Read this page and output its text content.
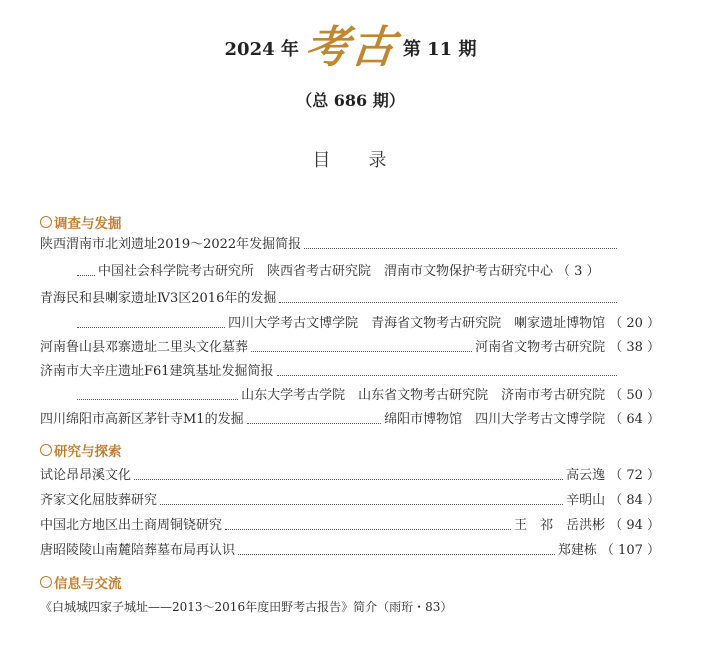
2024 年 考古 第 11 期
（总 686 期）
目 录
调查与发掘
陕西渭南市北刘遗址2019～2022年发掘简报
中国社会科学院考古研究所　陕西省考古研究院　渭南市文物保护考古研究中心 （ 3 ）
青海民和县喇家遗址Ⅳ3区2016年的发掘
四川大学考古文博学院　青海省文物考古研究院　喇家遗址博物馆 （ 20 ）
河南鲁山县邓寨遗址二里头文化墓葬	河南省文物考古研究院 （ 38 ）
济南市大辛庄遗址F61建筑基址发掘简报
山东大学考古学院　山东省文物考古研究院　济南市考古研究院 （ 50 ）
四川绵阳市高新区茅针寺M1的发掘	绵阳市博物馆　四川大学考古文博学院 （ 64 ）
研究与探索
试论昂昂溪文化	高云逸 （ 72 ）
齐家文化屈肢葬研究	辛明山 （ 84 ）
中国北方地区出土商周铜铙研究	王　祁　岳洪彬 （ 94 ）
唐昭陵陵山南麓陪葬墓布局再认识	郑建栋 （ 107 ）
信息与交流
《白城城四家子城址——2013～2016年度田野考古报告》简介（雨珩・83）
